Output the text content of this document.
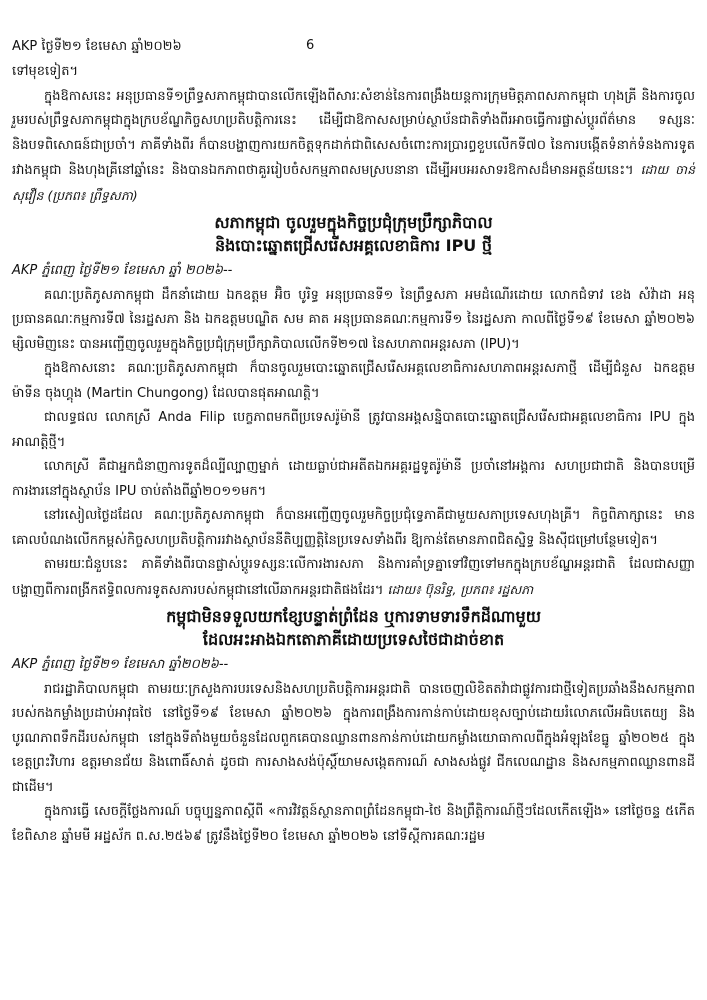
AKP ថ្ងៃទី២១ ខែមេសា ឆ្នាំ២០២៦	6

ទៅមុខទៀត។

ក្នុងឱកាសនេះ អនុប្រធានទី១ព្រឹទ្ធសភាកម្ពុជាបានលើកឡើងពីសារៈសំខាន់នៃការពង្រឹងយន្តការក្រុមមិត្តភាពសភាកម្ពុជា ហុងគ្រី និងការចូលរួមរបស់ព្រឹទ្ធសភាកម្ពុជាក្នុងក្របខ័ណ្ឌកិច្ចសហប្រតិបត្តិការនេះ ដើម្បីជាឱកាសសម្រាប់ស្ថាប័នជាតិទាំងពីរអាចធ្វើការផ្លាស់ប្តូរព័ត៌មាន ទស្សនៈ និងបទពិសោធន៍ជាប្រចាំ។ ភាគីទាំងពីរ ក៏បានបង្ហាញការយកចិត្តទុកដាក់ជាពិសេសចំពោះការប្រារព្ធខួបលើកទី៧០ នៃការបង្កើតទំនាក់ទំនងការទូតរវាងកម្ពុជា និងហុងគ្រីនៅឆ្នាំនេះ និងបានឯកភាពថាគួររៀបចំសកម្មភាពសមស្របនានា ដើម្បីអបអរសាទរឱកាសដ៏មានអត្ថន័យនេះ។ ដោយ ចាន់ សុវឿន (ប្រភព៖ ព្រឹទ្ធសភា)

សភាកម្ពុជា ចូលរួមក្នុងកិច្ចប្រជុំក្រុមប្រឹក្សាភិបាល
និងបោះឆ្នោតជ្រើសរើសអគ្គលេខាធិការ IPU ថ្មី

AKP ភ្នំពេញ ថ្ងៃទី២១ ខែមេសា ឆ្នាំ ២០២៦--

គណៈប្រតិភូសភាកម្ពុជា ដឹកនាំដោយ ឯកឧត្តម អ៊ិច បូរិទ្ធ អនុប្រធានទី១ នៃព្រឹទ្ធសភា អមដំណើរដោយ លោកជំទាវ ខេង សំវ៉ាដា អនុប្រធានគណៈកម្មការទី៧ នៃរដ្ឋសភា និង ឯកឧត្តមបណ្ឌិត សម គាត អនុប្រធានគណៈកម្មការទី១ នៃរដ្ឋសភា កាលពីថ្ងៃទី១៩ ខែមេសា ឆ្នាំ២០២៦ ម្សិលមិញនេះ បានអញ្ជើញចូលរួមក្នុងកិច្ចប្រជុំក្រុមប្រឹក្សាភិបាលលើកទី២១៧ នៃសហភាពអន្តរសភា (IPU)។

ក្នុងឱកាសនោះ គណៈប្រតិភូសភាកម្ពុជា ក៏បានចូលរួមបោះឆ្នោតជ្រើសរើសអគ្គលេខាធិការសហភាពអន្តរសភាថ្មី ដើម្បីជំនួស ឯកឧត្តម ម៉ាទីន ចុងហ្គុង (Martin Chungong) ដែលបានផុតអាណត្តិ។

ជាលទ្ធផល លោកស្រី Anda Filip បេក្ខភាពមកពីប្រទេសរ៉ូម៉ានី ត្រូវបានអង្គសន្និបាតបោះឆ្នោតជ្រើសរើសជាអគ្គលេខាធិការ IPU ក្នុងអាណត្តិថ្មី។

លោកស្រី គឺជាអ្នកជំនាញការទូតដ៏ល្បីល្បាញម្នាក់ ដោយធ្លាប់ជាអតីតឯកអគ្គរដ្ឋទូតរ៉ូម៉ានី ប្រចាំនៅអង្គការ សហប្រជាជាតិ និងបានបម្រើការងារនៅក្នុងស្ថាប័ន IPU ចាប់តាំងពីឆ្នាំ២០១១មក។

នៅរសៀលថ្ងៃដដែល គណៈប្រតិភូសភាកម្ពុជា ក៏បានអញ្ជើញចូលរួមកិច្ចប្រជុំទ្វេភាគីជាមួយសភាប្រទេសហុងគ្រី។ កិច្ចពិភាក្សានេះ មានគោលបំណងលើកកម្ពស់កិច្ចសហប្រតិបត្តិការរវាងស្ថាប័ននីតិប្បញ្ញត្តិនៃប្រទេសទាំងពីរ ឱ្យកាន់តែមានភាពជិតស្និទ្ធ និងស៊ីជម្រៅបន្ថែមទៀត។

តាមរយៈជំនួបនេះ ភាគីទាំងពីរបានផ្លាស់ប្តូរទស្សនៈលើការងារសភា និងការគាំទ្រគ្នាទៅវិញទៅមកក្នុងក្របខ័ណ្ឌអន្តរជាតិ ដែលជាសញ្ញាបង្ហាញពីការពង្រីកឥទ្ធិពលការទូតសភារបស់កម្ពុជានៅលើឆាកអន្តរជាតិផងដែរ។ ដោយ៖ ប៊ុនរិទ្ធ, ប្រភព៖ រដ្ឋសភា

កម្ពុជាមិនទទួលយកខ្សែបន្ទាត់ព្រំដែន ឬការទាមទារទឹកដីណាមួយ
ដែលអះអាងឯកតោភាគីដោយប្រទេសថៃជាដាច់ខាត

AKP ភ្នំពេញ ថ្ងៃទី២១ ខែមេសា ឆ្នាំ២០២៦--

រាជរដ្ឋាភិបាលកម្ពុជា តាមរយៈក្រសួងការបរទេសនិងសហប្រតិបត្តិការអន្តរជាតិ បានចេញលិខិតតវ៉ាជាផ្លូវការជាថ្មីទៀតប្រឆាំងនឹងសកម្មភាពរបស់កងកម្លាំងប្រដាប់អាវុធថៃ នៅថ្ងៃទី១៩ ខែមេសា ឆ្នាំ២០២៦ ក្នុងការពង្រឹងការកាន់កាប់ដោយខុសច្បាប់ដោយរំលោភលើអធិបតេយ្យ និងបូរណភាពទឹកដីរបស់កម្ពុជា នៅក្នុងទីតាំងមួយចំនួនដែលពួកគេបានឈ្លានពានកាន់កាប់ដោយកម្លាំងយោធាកាលពីក្នុងអំឡុងខែធ្នូ ឆ្នាំ២០២៥ ក្នុងខេត្តព្រះវិហារ ឧត្តរមានជ័យ និងពោធិ៍សាត់ ដូចជា ការសាងសង់ប៉ុស្តិ៍យាមសង្កេតការណ៍ សាងសង់ផ្លូវ ជីកលេណដ្ឋាន និងសកម្មភាពឈ្លានពានដីជាដើម។

ក្នុងការធ្វើ សេចក្តីថ្លែងការណ៍ បច្ចុប្បន្នភាពស្តីពី «ការវិវត្តន៍ស្ថានភាពព្រំដែនកម្ពុជា-ថៃ និងព្រឹត្តិការណ៍ថ្មីៗដែលកើតឡើង» នៅថ្ងៃចន្ទ ៥កើត ខែពិសាខ ឆ្នាំមមី អដ្ឋស័ក ព.ស.២៥៦៩ ត្រូវនឹងថ្ងៃទី២០ ខែមេសា ឆ្នាំ២០២៦ នៅទីស្តីការគណៈរដ្ឋម
